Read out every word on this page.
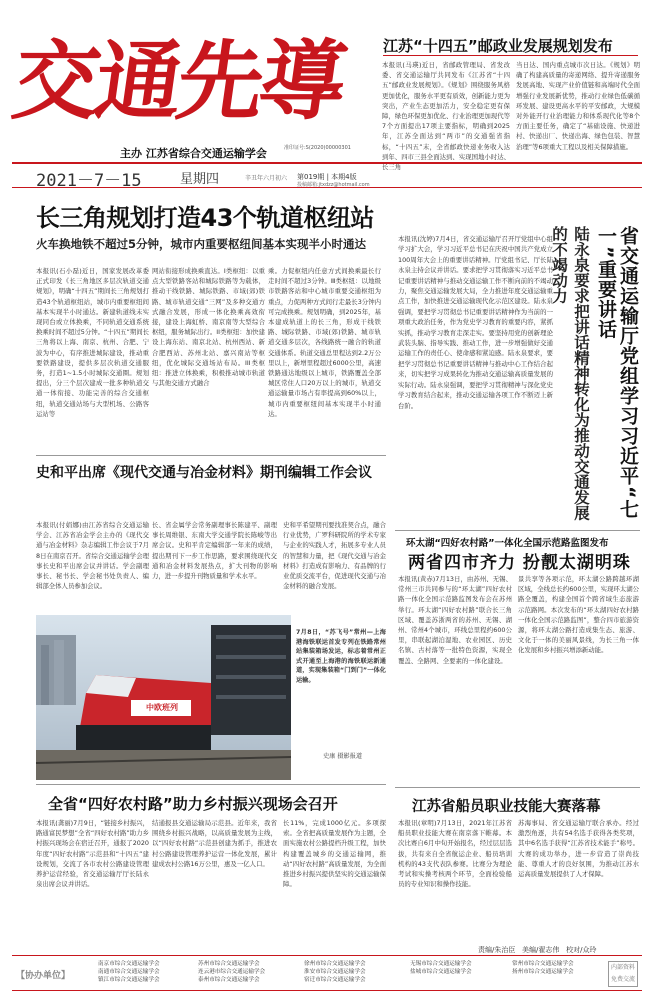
交通先導
主办 江苏省综合交通运输学会	准印证号:S(2020)00000301
2021－7－15	星期四	辛丑年六月初六 第019期 | 本期4版
投稿邮箱:jtxdzz@hotmail.com
江苏“十四五”邮政业发展规划发布
本报讯(马瑛)近日，省邮政管理局、省发改委、省交通运输厅共同发布《江苏省“十四五”邮政业发展规划》。《规划》围绕服务风格更加优化，服务水平更有质效，创新能力更为突出，产业生态更加活力，安全稳定更有保障，绿色环保更加优化、行业治理更加现代等7个方面提出17项主要指标，明确到2025年，江苏全面达到“两市”的交通强省指标，“十四五”末，全省邮政快递业务收入达到年、四市三县全面达到、实现国地小时达、长三角
当日达、国内重点城市次日达。《规划》明确了构建高质量的寄递网络、提升寄递服务发展高地、实现产业价值链和高端时代全面增强行业发展新优势，推动行业绿色低碳循环发展、建设更高水平的平安邮政，大规模对外能开行业治理能力和体系现代化等8个方面主要任务，确定了“基础设施、快递进村、快递出厂、快递出海、绿色包装、智慧治理”等6项重大工程以及相关保障措施。
长三角规划打造43个轨道枢纽站
火车换地铁不超过5分钟，城市内重要枢纽间基本实现半小时通达
本报讯(石小磊)近日，国家发展改革委正式印发《长三角地区多层次轨道交通规划》，明确“十四五”期间长三角规划打造43个轨道枢纽站，城市内重要枢纽间基本实现半小时通达。新建轨道线未实现同台或立体换乘，不同轨道交通系统换乘时间不超过5分钟。“十四五”期间长三角将以上海、南京、杭州、合肥、宁波为中心，有序推进城际建设，推动重要铁路建设，提供多层次轨道交通服务，打造1~1.5小时城际交通圈。规划提出，分三个层次建成一批多种轨道交通一体衔接、功能完善的综合交通枢纽，轨道交通站场与大型机场、公路客运站等
网站衔接形成换乘直达。I类枢纽：以重点大型铁路客站和城际铁路等为载体，推动干线铁路、城际铁路、市域(郊)铁路、城市轨道交通“三网”及多种交通方式融合发展，形成一体化换乘高效衔接，建设上海虹桥、南京南等大型综合枢纽，服务城际出行。II类枢纽：加快建设上海东站、南京北站、杭州西站、新合肥西站、苏州北站、嘉兴南站等枢纽，优化城际交通场站布局。III类枢纽：推进立体换乘，积极推动城市轨道与其他交通方式融合
乘。力促枢纽内任意方式间换乘最长行走时间不超过3分钟。Ⅲ类枢纽：以地级市铁路客站和中心城市重要交通枢纽为重点，力促两种方式间行走最长3分钟内可完成换乘。规划明确，到2025年，基本建成轨道上的长三角，形成干线铁路、城际铁路、市域(郊)铁路、城市轨道交通多层次，各线路统一融合的轨道交通体系。轨道交通总里程达到2.2万公里以上，新增里程超过6000公里，高速铁路通达地级以上城市，铁路覆盖全部城区常住人口20万以上的城市，轨道交通运输量市场占有率提高到60%以上，城市内重要枢纽间基本实现半小时通达。
本报讯(沈婷)7月4日，省交通运输厅召开厅党组中心组学习扩大会，学习习近平总书记在庆祝中国共产党成立100周年大会上的重要讲话精神。厅党组书记、厅长陆永泉主持会议并讲话。要求把学习贯彻落实习近平总书记重要讲话精神与推动交通运输工作不断向前的不竭动力，聚焦交通运输发展大局，全力推进年度交通运输重点工作，加快推进交通运输现代化示范区建设。陆永泉强调，要把学习贯彻总书记重要讲话精神作为当前的一项重大政治任务，作为党史学习教育的重要内容，紧抓实抓，推动学习教育走深走实。要坚持用党的创新理论武装头脑、指导实践、推动工作，进一步增强做好交通运输工作的责任心、使命感和紧迫感。陆永泉要求，要把学习贯彻总书记重要讲话精神与推动中心工作结合起来，切实把学习成果转化为推动交通运输高质量发展的实际行动。陆永泉强调，要把学习贯彻精神与深化党史学习教育结合起来，推动交通运输各项工作不断迈上新台阶。	陆永泉要求把讲话精神转化为推动交通发展的不竭动力	省交通运输厅党组学习习近平“七一”重要讲话
史和平出席《现代交通与冶金材料》期刊编辑工作会议
本报讯(付娟娜)由江苏省综合交通运输学会、江苏省冶金学会主办的《现代交通与冶金材料》杂志编辑工作会议于7月8日在南京召开。省综合交通运输学会理事长史和平出席会议并讲话。学会副理事长、秘书长、学会秘书处负责人、编辑部全体人员参加会议。
长、省金属学会常务副理事长陈建平、副理事长周维银、东南大学交通学院长陈峻等出席会议。史和平肯定编辑部一年来的成绩，提出期刊下一步工作思路，要求围绕现代交通和冶金材料发展热点，扩大刊物的影响力，进一步提升刊物质量和学术水平。
史和平希望期刊要找准契合点，融合行业优势，广罗科研院所的学术专家与企业的实践人才，拓展多专业人员的智慧和力量，把《现代交通与冶金材料》打造成有影响力、有品牌的行业优质交流平台，促进现代交通与冶金材料的融合发展。
中欧班列
7月8日，“苏飞号”常州—上海港海铁联运首发专列在铁路常州站集装箱场发运，标志着常州正式开通至上海港的海铁联运新通道，实现集装箱“门到门”一体化运输。
史康 摄影报道
全省“四好农村路”助力乡村振兴现场会召开
本报讯(龚丽)7月9日，“链接乡村振兴，路通富民梦想”全省“四好农村路”助力乡村振兴现场会在宿迁召开，通报了2020年度“四好农村路”示范县和“十四五”建设规划，交流了各市农村公路建设管理养护运营经验，省交通运输厅厅长陆永泉出席会议并讲话。
结通报县交通运输局示范县。近年来，我省围绕乡村振兴战略，以高质量发展为主线，以“四好农村路”示范县创建为抓手，推进农村公路建设管理养护运营一体化发展，累计建成农村公路16万公里，惠及一亿人口。
长11%，完成1000亿元。多项探索。全省把高质量发展作为主题，全面实施农村公路提档升级工程，加快构建覆盖城乡的交通运输网，推动“四好农村路”高质量发展，为全面推进乡村振兴提供坚实的交通运输保障。
环太湖“四好农村路”一体化全国示范路监图发布
两省四市齐力 扮靓太湖明珠
本报讯(黄赤)7月13日，由苏州、无锡、常州三市共同参与的“环太湖”四好农村路一体化全国示范路监图发布会在苏州举行。环太湖“四好农村路”联合长三角区域、覆盖苏浙两省的苏州、无锡、湖州、常州4个城市，环线总里程约600公里，串联起湖泊湿地、农业园区、历史名镇、古村落等一批特色资源，实现全覆盖、全路网、全要素的一体化建设。
景共享等各项示范，环太湖公路跨越环湖区域，全线总长约600公里，实现环太湖公路全覆盖，构建全国首个跨省域生态旅游示范路网。本次发布的“环太湖四好农村路一体化全国示范路监图”，整合四市旅游资源，将环太湖公路打造成集生态、旅游、文化于一体的美丽风景线，为长三角一体化发展和乡村振兴增添新动能。
江苏省船员职业技能大赛落幕
本报讯(章明)7月13日，2021年江苏省船员职业技能大赛在南京落下帷幕。本次比赛自6月中旬开始报名，经过层层选拔，共有来自全省航运企业、船员培训机构的43支代表队参赛。比赛分为理论考试和实操考核两个环节，全面检验船员的专业知识和操作技能。
苏海事局、省交通运输厅联合承办。经过激烈角逐，共有54名选手获得各类奖项，其中6名选手获得“江苏省技术能手”称号。大赛的成功举办，进一步营造了崇尚技能、尊重人才的良好氛围，为推动江苏水运高质量发展提供了人才保障。
责编/朱治臣 美编/翟志伟 校对/众玲
【协办单位】
南京市综合交通运输学会
南通市综合交通运输学会
镇江市综合交通运输学会
苏州市综合交通运输学会
连云港市综合交通运输学会
泰州市综合交通运输学会
徐州市综合交通运输学会
淮安市综合交通运输学会
宿迁市综合交通运输学会
无锡市综合交通运输学会
盐城市综合交通运输学会
常州市综合交通运输学会
扬州市综合交通运输学会
内部资料
免费交流
